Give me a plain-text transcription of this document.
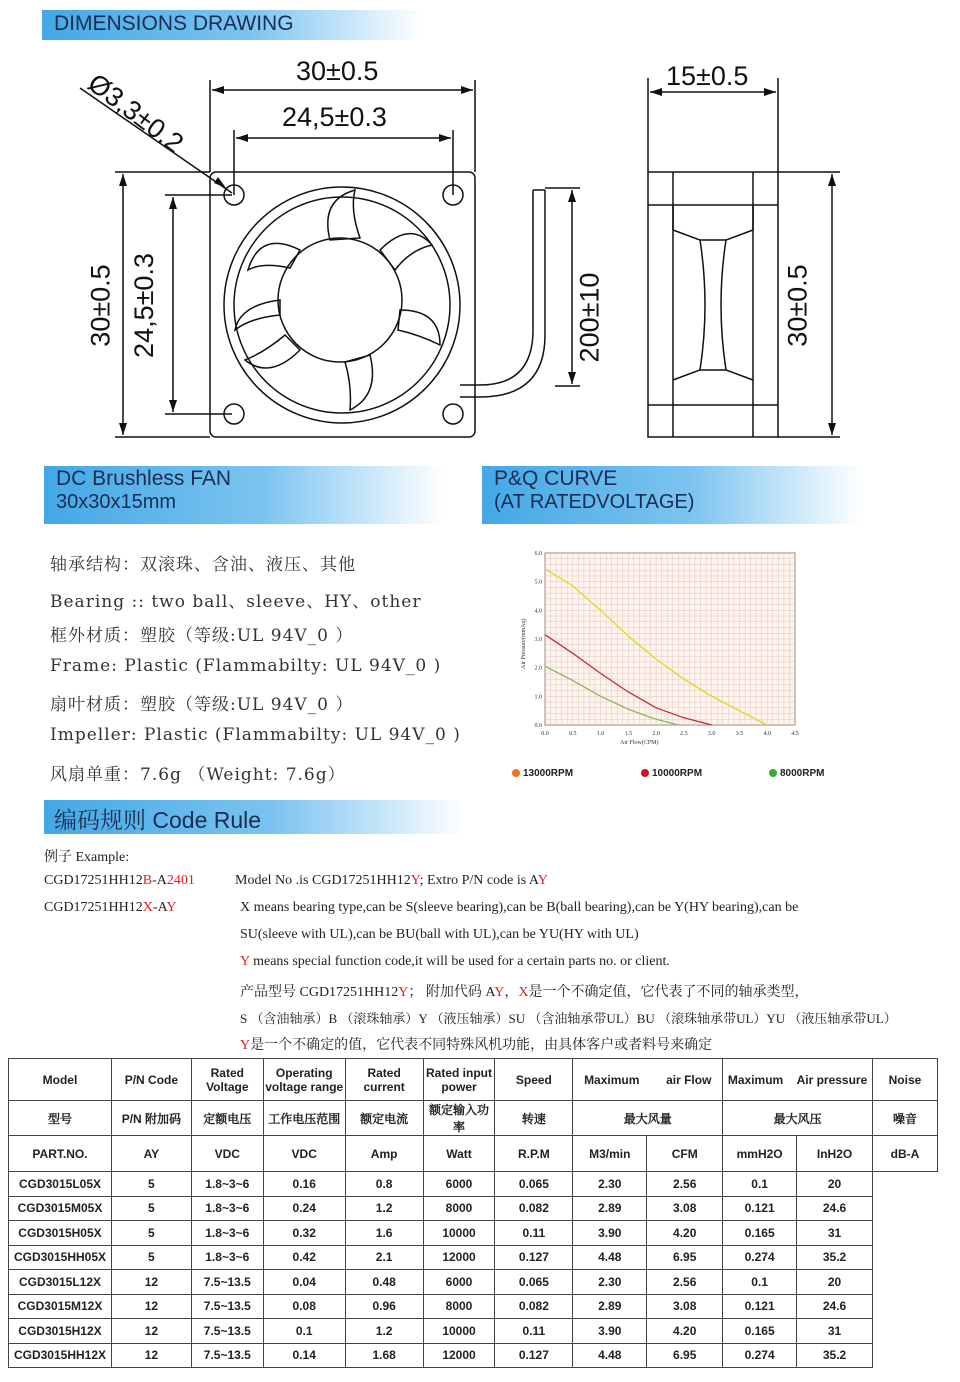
DIMENSIONS DRAWING
30±0.5
24,5±0.3
Ø3,3±0.2
30±0.5 24,5±0.3	200±10
15±0.5
30±0.5
DC Brushless FAN
30x30x15mm
P&Q CURVE
(AT RATEDVOLTAGE)
轴承结构：双滚珠、含油、液压、其他
Bearing :: two ball、sleeve、HY、other
框外材质：塑胶（等级:UL 94V_0 ）
Frame: Plastic (Flammabilty: UL 94V_0 )
扇叶材质：塑胶（等级:UL 94V_0 ）
Impeller: Plastic (Flammabilty: UL 94V_0 )
风扇单重：7.6g （Weight: 7.6g）
0.0	0.5	1.0	1.5	2.0	2.5	3.0	3.5	4.0	4.5
0.0
1.0
2.0
3.0
4.0
5.0
6.0
Air Flow(CFM)
Air Pressure(mmAq)
13000RPM	10000RPM	8000RPM
编码规则 Code Rule
例子 Example:
CGD17251HH12B-A2401
CGD17251HH12X-AY
Model No .is CGD17251HH12Y; Extro P/N code is AY
X means bearing type,can be S(sleeve bearing),can be B(ball bearing),can be Y(HY bearing),can be
SU(sleeve with UL),can be BU(ball with UL),can be YU(HY with UL)
Y means special function code,it will be used for a certain parts no. or client.
产品型号 CGD17251HH12Y； 附加代码 AY，X是一个不确定值，它代表了不同的轴承类型，
S （含油轴承）B （滚珠轴承）Y （液压轴承）SU （含油轴承带UL）BU （滚珠轴承带UL）YU （液压轴承带UL）
Y是一个不确定的值，它代表不同特殊风机功能，由具体客户或者料号来确定
Model	P/N Code	Rated Voltage	Operating voltage range	Rated current	Rated input power	Speed	Maximum air Flow		Maximum Air pressure		Noise
型号	P/N 附加码	定额电压	工作电压范围	额定电流	额定输入功率	转速	最大风量		最大风压		噪音
PART.NO.	AY	VDC	VDC	Amp	Watt	R.P.M	M3/min	CFM	mmH2O	InH2O	dB-A
CGD3015L05X	5	1.8~3~6	0.16	0.8	6000	0.065	2.30	2.56	0.1	20	
CGD3015M05X	5	1.8~3~6	0.24	1.2	8000	0.082	2.89	3.08	0.121	24.6	
CGD3015H05X	5	1.8~3~6	0.32	1.6	10000	0.11	3.90	4.20	0.165	31	
CGD3015HH05X	5	1.8~3~6	0.42	2.1	12000	0.127	4.48	6.95	0.274	35.2	
CGD3015L12X	12	7.5~13.5	0.04	0.48	6000	0.065	2.30	2.56	0.1	20	
CGD3015M12X	12	7.5~13.5	0.08	0.96	8000	0.082	2.89	3.08	0.121	24.6	
CGD3015H12X	12	7.5~13.5	0.1	1.2	10000	0.11	3.90	4.20	0.165	31	
CGD3015HH12X	12	7.5~13.5	0.14	1.68	12000	0.127	4.48	6.95	0.274	35.2	
